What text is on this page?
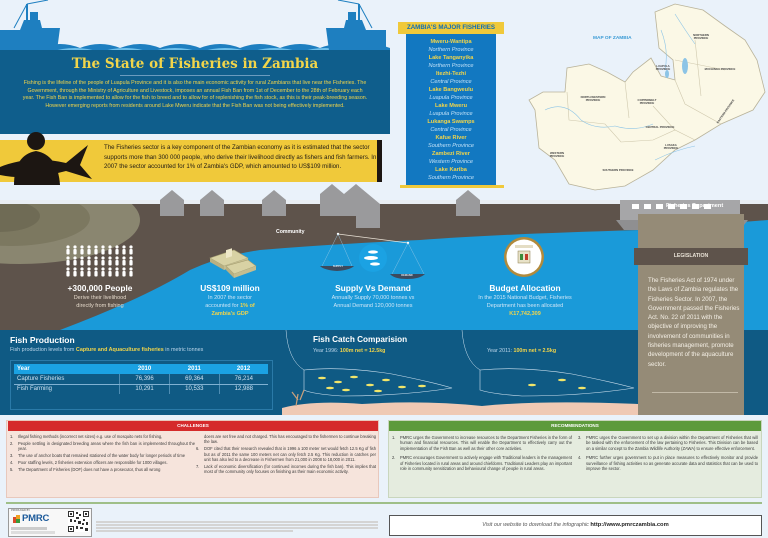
The State of Fisheries in Zambia
Fishing is the lifeline of the people of Luapula Province and it is also the main economic activity for rural Zambians that live near the Fisheries. The Government, through the Ministry of Agriculture and Livestock, imposes an annual Fish Ban from 1st of December to the 28th of February each year. The Fish Ban is implemented to allow for the fish to breed and to allow for of replenishing the fish stock, as this is their peak-breeding season. However emerging reports from residents around Lake Mweru indicate that the Fish Ban was not being effectively implemented.
The Fisheries sector is a key component of the Zambian economy as it is estimated that the sector supports more than 300 000 people, who derive their livelihood directly as fishers and fish farmers. In 2007 the sector accounted for 1% of Zambia's GDP, which amounted to US$109 million.
ZAMBIA'S MAJOR FISHERIES
Mweru-Wantipa
Northern Province
Lake Tanganyika
Northern Province
Itezhi-Tezhi
Central Province
Lake Bangweulu
Luapula Province
Lake Mweru
Luapula Province
Lukanga Swamps
Central Province
Kafue River
Southern Province
Zambezi River
Western Province
Lake Kariba
Southern Province
MAP OF ZAMBIA
NORTHERN PROVINCE
LUAPULA PROVINCE	MUCHINGA PROVINCE
NORTH-WESTERN PROVINCE	COPPERBELT PROVINCE
CENTRAL PROVINCE
EASTERN PROVINCE
LUSAKA PROVINCE
WESTERN PROVINCE
SOUTHERN PROVINCE
Fisheries Department
Community
+300,000 People
Derive their livelihood directly from fishing
US$109 million
In 2007 the sector accounted for 1% of Zambia's GDP
SUPPLY
DEMAND
Supply Vs Demand
Annually Supply 70,000 tonnes vs Annual Demand 120,000 tonnes
Budget Allocation
In the 2015 National Budget, Fisheries Department has been allocated K17,742,309
LEGISLATION
The Fisheries Act of 1974 under the Laws of Zambia regulates the Fisheries Sector. In 2007, the Government passed the Fisheries Act. No. 22 of 2011 with the objective of improving the involvement of communities in fisheries management, promote development of the aquaculture sector.
Fish Production
Fish production levels from Capture and Aquaculture fisheries in metric tonnes
Year	2010	2011	2012
Capture Fisheries	76,396	69,364	76,214
Fish Farming	10,291	10,533	12,988
Fish Catch Comparision
Year 1996: 100m net = 12.5kg	Year 2011: 100m net = 2.5kg
CHALLENGES
1. Illegal fishing methods (incorrect net sizes) e.g. use of mosquito nets for fishing,
2. People settling in designated breeding areas where the fish ban is implemented throughout the year.
3. The use of anchor boats that remained stationed of the water body for longer periods of time
4. Poor staffing levels, 2 fisheries extension officers are responsible for 1000 villages.
5. The Department of Fisheries (DOF) does not have a prosecutor, thus all wrong
doers are set free and not charged. This has encouraged to the fishermen to continue breaking the law.
6. DOF cited that their research revealed that in 1996 a 100 meter net would fetch 12.5 Kg of fish but as of 2011 the same 100 meters net can only fetch 2.5 Kg. This reduction in catches per unit has also led to a decrease in Fishermen from 21,000 in 2008 to 18,000 in 2011.
7. Lack of economic diversification (for continued incomes during the fish ban). This implies that most of the community only focuses on finishing as their main economic activity.
RECOMMENDATIONS
1. PMRC urges the Government to increase resources to the Department Fisheries in the form of human and financial resources. This will enable the Department to effectively carry out the implementation of the Fish Ban as well as their other core activities.
2. PMRC encourages Government to actively engage with Traditional leaders in the management of Fisheries located in rural areas and around chiefdoms. Traditional Leaders play an important role in community sensitization and behavioural change of people in rural areas.
3. PMRC urges the Government to set up a division within the Department of Fisheries that will be tasked with the enforcement of the law pertaining to Fisheries. This Division can be based on a similar concept to the Zambia Wildlife Authority (ZAWA) to ensure effective enforcement.
4. PMRC further urges government to put in place measures to effectively monitor and provide surveillance of fishing activities so as generate accurate data and statistics that can be used to improve the sector.
PRODUCED BY
PMRC
Visit our website to download the infographic http://www.pmrczambia.com
